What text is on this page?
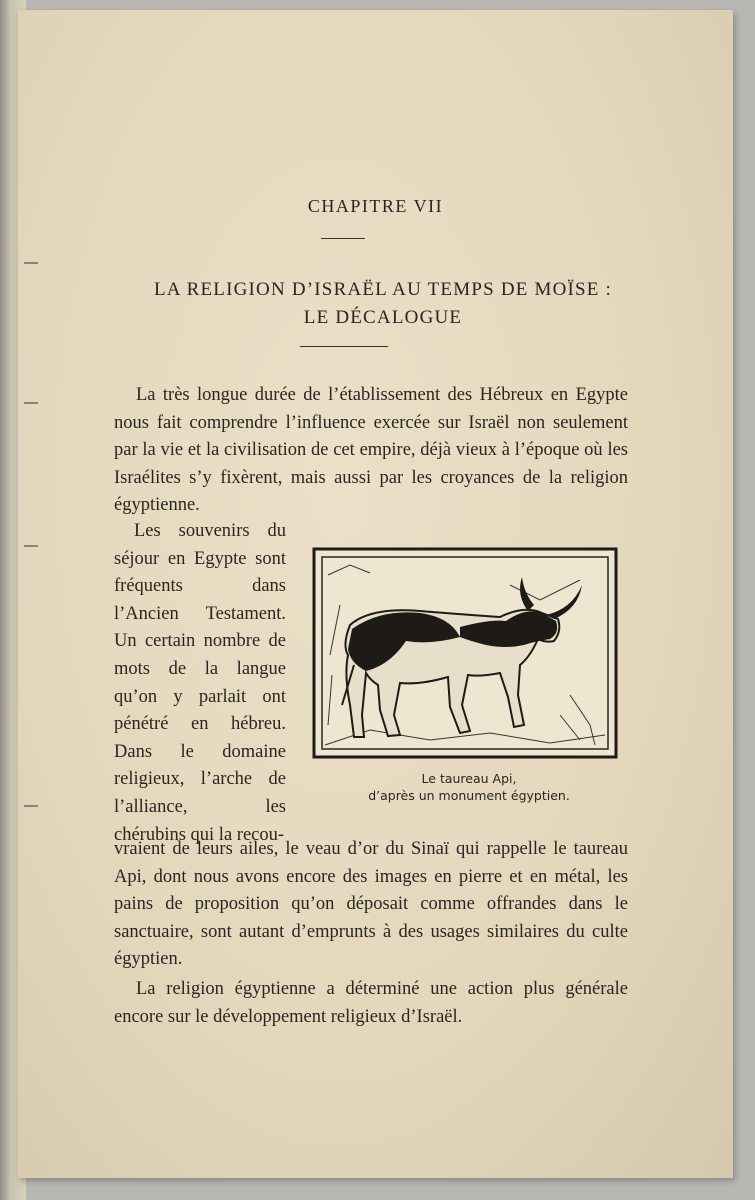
CHAPITRE VII
LA RELIGION D’ISRAËL AU TEMPS DE MOÏSE :
LE DÉCALOGUE
La très longue durée de l’établissement des Hébreux en Egypte nous fait comprendre l’influence exercée sur Israël non seulement par la vie et la civilisation de cet empire, déjà vieux à l’époque où les Israélites s’y fixèrent, mais aussi par les croyances de la religion égyptienne.
Les souvenirs du séjour en Egypte sont fréquents dans l’Ancien Testament. Un certain nombre de mots de la langue qu’on y parlait ont pénétré en hébreu. Dans le domaine religieux, l’arche de l’alliance, les chérubins qui la recou-
Le taureau Api,
d’après un monument égyptien.
vraient de leurs ailes, le veau d’or du Sinaï qui rappelle le taureau Api, dont nous avons encore des images en pierre et en métal, les pains de proposition qu’on déposait comme offrandes dans le sanctuaire, sont autant d’emprunts à des usages similaires du culte égyptien.
La religion égyptienne a déterminé une action plus générale encore sur le développement religieux d’Israël.
